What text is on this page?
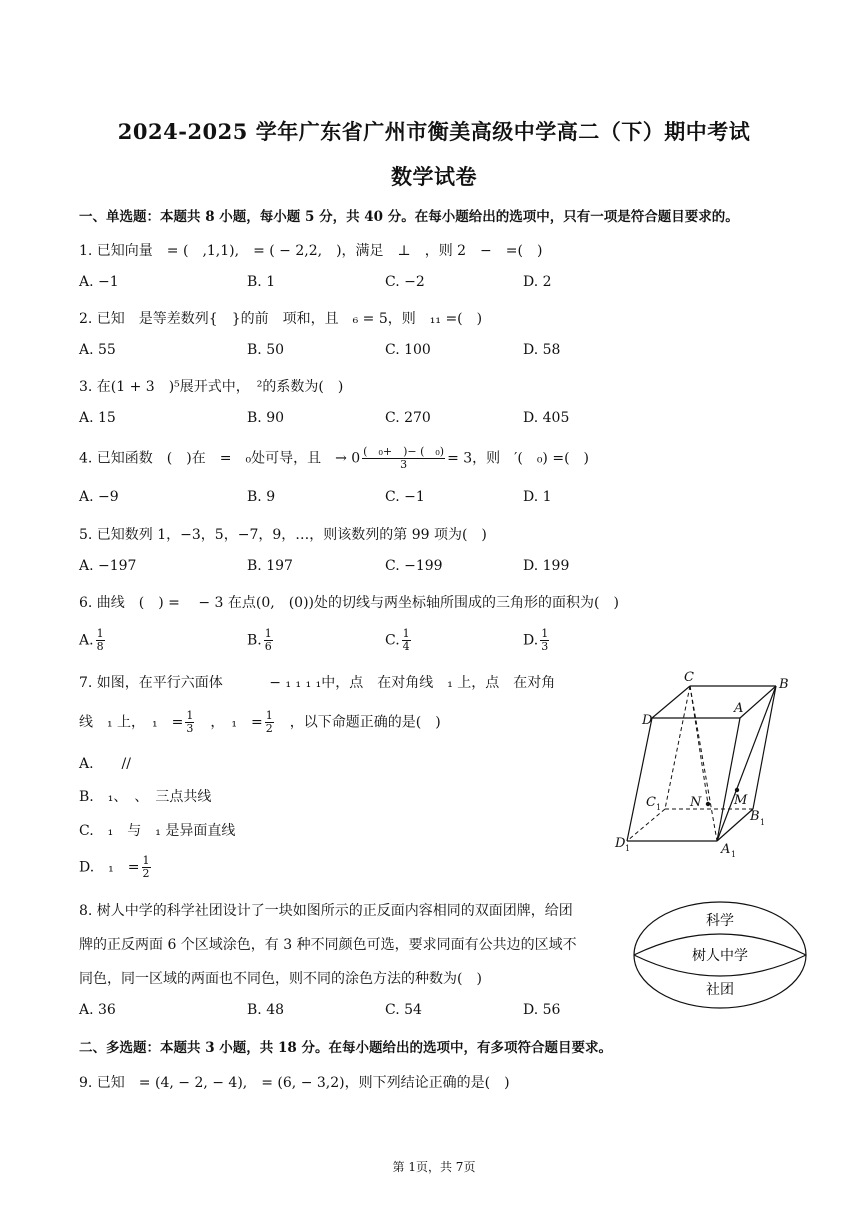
2024-2025 学年广东省广州市衡美高级中学高二（下）期中考试
数学试卷
一、单选题：本题共 8 小题，每小题 5 分，共 40 分。在每小题给出的选项中，只有一项是符合题目要求的。
1. 已知向量　= (　,1,1),　= ( − 2,2,　)，满足　⊥　，则 2　−　=(　)
A. −1	B. 1	C. −2	D. 2
2. 已知　是等差数列{　}的前　项和，且　₆ = 5，则　₁₁ =(　)
A. 55	B. 50	C. 100	D. 58
3. 在(1 + 3　)⁵展开式中，　²的系数为(　)
A. 15	B. 90	C. 270	D. 405
4. 已知函数　(　)在　=　₀处可导，且　→ $0 \frac{\text{(　₀+　)− (　₀)}}{3} = 3$，则　′(　₀) =(　)
A. −9	B. 9	C. −1	D. 1
5. 已知数列 1，−3，5，−7，9，…，则该数列的第 99 项为(　)
A. −197	B. 197	C. −199	D. 199
6. 曲线　(　) =　 − 3 在点(0,　(0))处的切线与两坐标轴所围成的三角形的面积为(　)
A. $\frac{1}{8}$	B. $\frac{1}{6}$	C. $\frac{1}{4}$	D. $\frac{1}{3}$
7. 如图，在平行六面体　　　 − ₁ ₁ ₁ ₁中，点　在对角线　₁ 上，点　在对角
线　₁ 上，　₁　= $\frac{1}{3}$ 　，　₁　= $\frac{1}{2}$ 　，以下命题正确的是(　)
A.　　//
B.　₁、　、　三点共线
C.　₁　与　₁ 是异面直线
D.　₁　= $\frac{1}{2}$
C	B
D
A
C 1 N	M
B 1
D 1	A 1
8. 树人中学的科学社团设计了一块如图所示的正反面内容相同的双面团牌，给团
牌的正反两面 6 个区域涂色，有 3 种不同颜色可选，要求同面有公共边的区域不
同色，同一区域的两面也不同色，则不同的涂色方法的种数为(　)
A. 36	B. 48	C. 54	D. 56
科学
树人中学
社团
二、多选题：本题共 3 小题，共 18 分。在每小题给出的选项中，有多项符合题目要求。
9. 已知　= (4, − 2, − 4),　= (6, − 3,2)，则下列结论正确的是(　)
第 1页，共 7页
